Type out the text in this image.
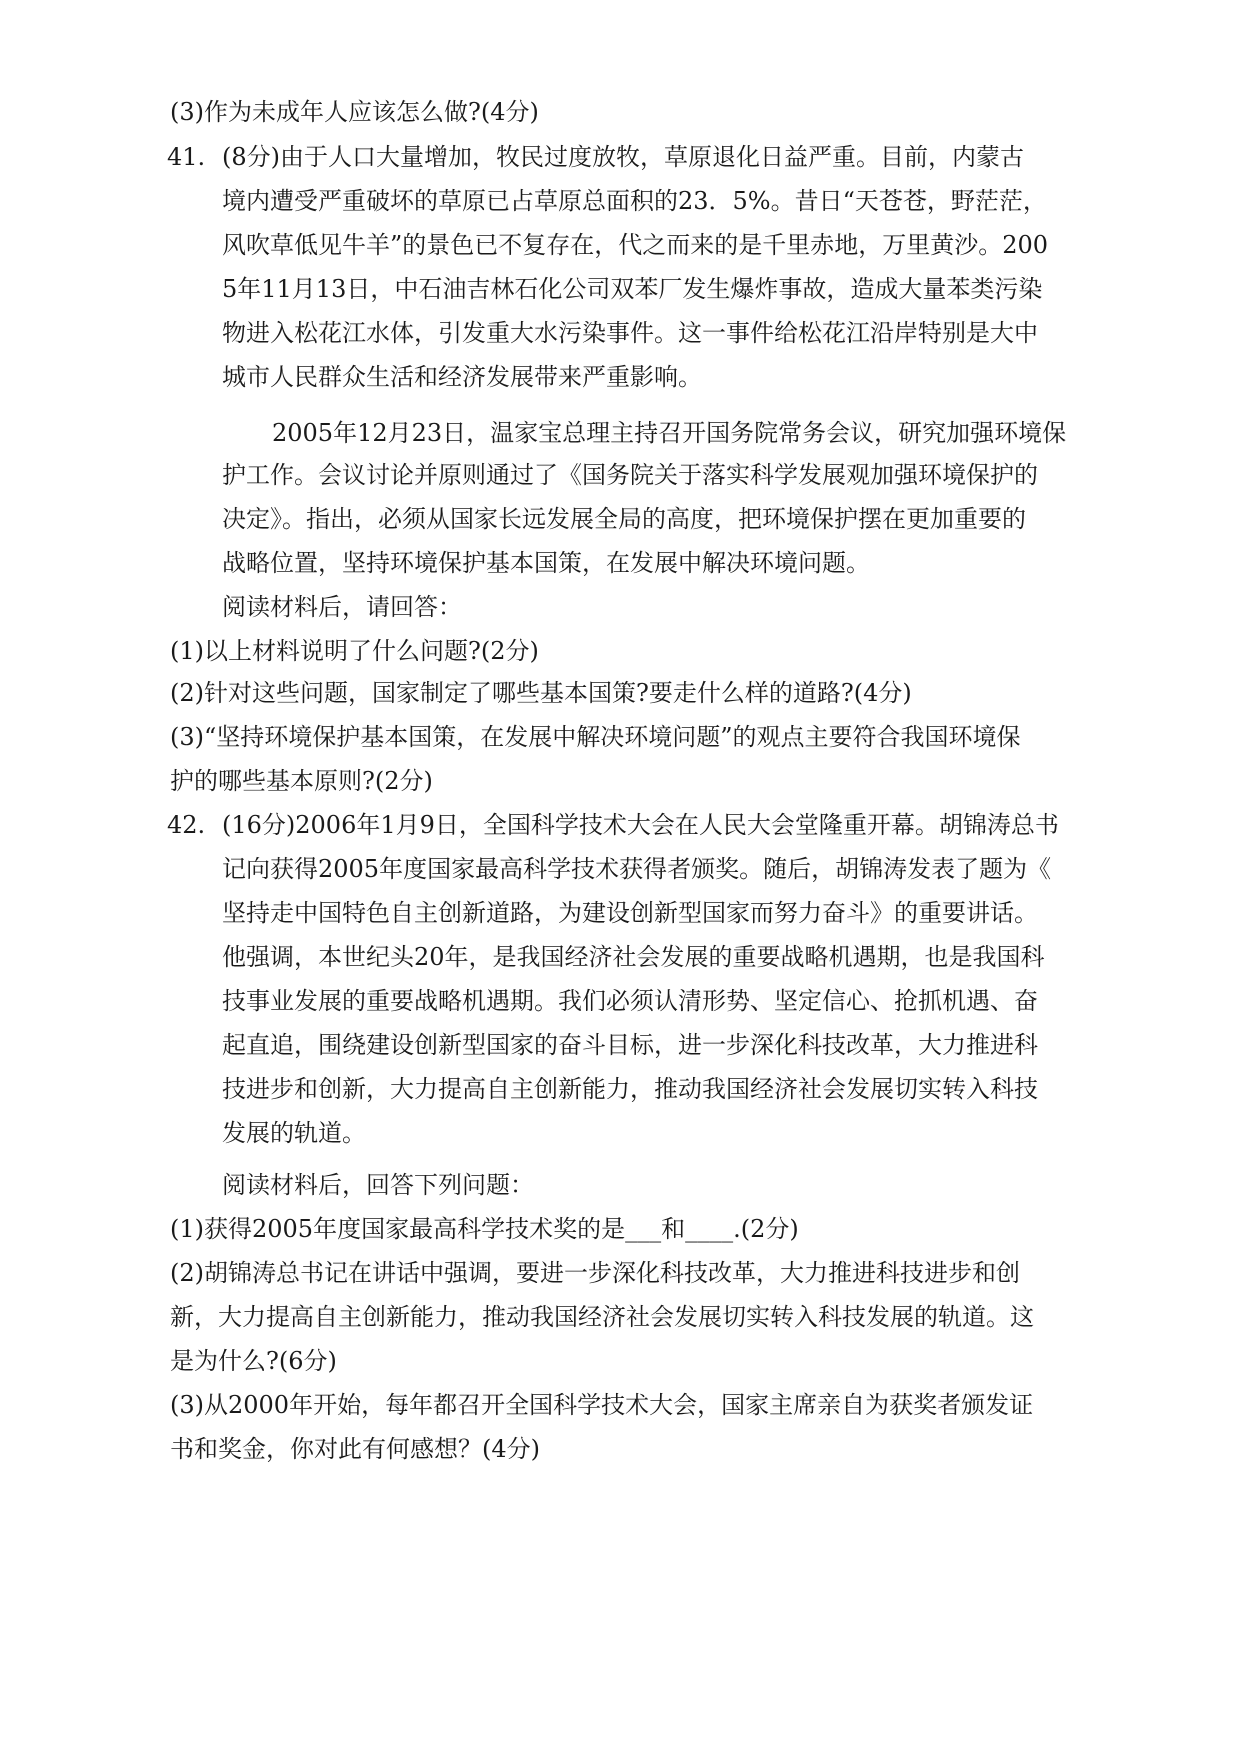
(3)作为未成年人应该怎么做?(4分)
41. (8分)由于人口大量增加，牧民过度放牧，草原退化日益严重。目前，内蒙古
境内遭受严重破坏的草原已占草原总面积的23．5%。昔日“天苍苍，野茫茫，
风吹草低见牛羊”的景色已不复存在，代之而来的是千里赤地，万里黄沙。200
5年11月13日，中石油吉林石化公司双苯厂发生爆炸事故，造成大量苯类污染
物进入松花江水体，引发重大水污染事件。这一事件给松花江沿岸特别是大中
城市人民群众生活和经济发展带来严重影响。
2005年12月23日，温家宝总理主持召开国务院常务会议，研究加强环境保
护工作。会议讨论并原则通过了《国务院关于落实科学发展观加强环境保护的
决定》。指出，必须从国家长远发展全局的高度，把环境保护摆在更加重要的
战略位置，坚持环境保护基本国策，在发展中解决环境问题。
阅读材料后，请回答：
(1)以上材料说明了什么问题?(2分)
(2)针对这些问题，国家制定了哪些基本国策?要走什么样的道路?(4分)
(3)“坚持环境保护基本国策，在发展中解决环境问题”的观点主要符合我国环境保
护的哪些基本原则?(2分)
42. (16分)2006年1月9日，全国科学技术大会在人民大会堂隆重开幕。胡锦涛总书
记向获得2005年度国家最高科学技术获得者颁奖。随后，胡锦涛发表了题为《
坚持走中国特色自主创新道路，为建设创新型国家而努力奋斗》的重要讲话。
他强调，本世纪头20年，是我国经济社会发展的重要战略机遇期，也是我国科
技事业发展的重要战略机遇期。我们必须认清形势、坚定信心、抢抓机遇、奋
起直追，围绕建设创新型国家的奋斗目标，进一步深化科技改革，大力推进科
技进步和创新，大力提高自主创新能力，推动我国经济社会发展切实转入科技
发展的轨道。
阅读材料后，回答下列问题：
(1)获得2005年度国家最高科学技术奖的是___和____.(2分)
(2)胡锦涛总书记在讲话中强调，要进一步深化科技改革，大力推进科技进步和创
新，大力提高自主创新能力，推动我国经济社会发展切实转入科技发展的轨道。这
是为什么?(6分)
(3)从2000年开始，每年都召开全国科学技术大会，国家主席亲自为获奖者颁发证
书和奖金，你对此有何感想？(4分)
